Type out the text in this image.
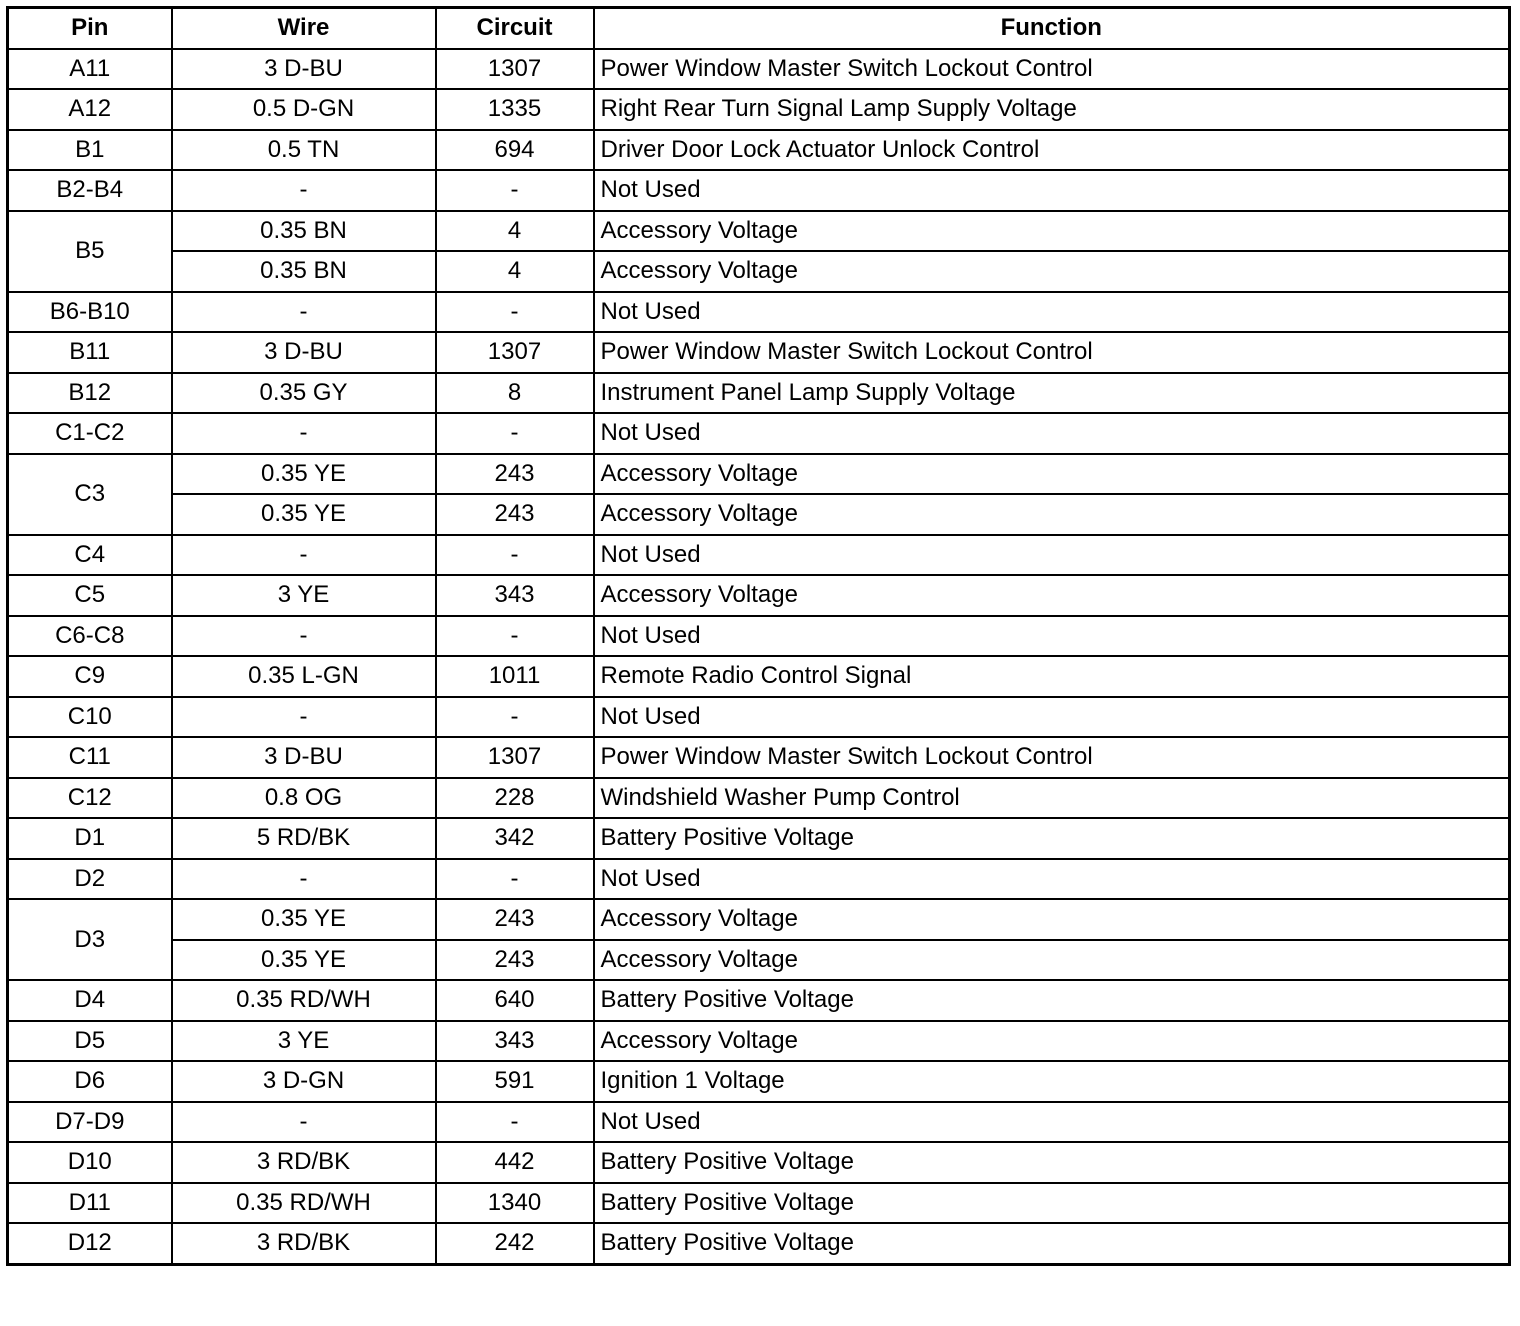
Pin	Wire	Circuit	Function
A11	3 D-BU	1307	Power Window Master Switch Lockout Control
A12	0.5 D-GN	1335	Right Rear Turn Signal Lamp Supply Voltage
B1	0.5 TN	694	Driver Door Lock Actuator Unlock Control
B2-B4	-	-	Not Used
B5	0.35 BN	4	Accessory Voltage
	0.35 BN	4	Accessory Voltage
B6-B10	-	-	Not Used
B11	3 D-BU	1307	Power Window Master Switch Lockout Control
B12	0.35 GY	8	Instrument Panel Lamp Supply Voltage
C1-C2	-	-	Not Used
C3	0.35 YE	243	Accessory Voltage
	0.35 YE	243	Accessory Voltage
C4	-	-	Not Used
C5	3 YE	343	Accessory Voltage
C6-C8	-	-	Not Used
C9	0.35 L-GN	1011	Remote Radio Control Signal
C10	-	-	Not Used
C11	3 D-BU	1307	Power Window Master Switch Lockout Control
C12	0.8 OG	228	Windshield Washer Pump Control
D1	5 RD/BK	342	Battery Positive Voltage
D2	-	-	Not Used
D3	0.35 YE	243	Accessory Voltage
	0.35 YE	243	Accessory Voltage
D4	0.35 RD/WH	640	Battery Positive Voltage
D5	3 YE	343	Accessory Voltage
D6	3 D-GN	591	Ignition 1 Voltage
D7-D9	-	-	Not Used
D10	3 RD/BK	442	Battery Positive Voltage
D11	0.35 RD/WH	1340	Battery Positive Voltage
D12	3 RD/BK	242	Battery Positive Voltage
